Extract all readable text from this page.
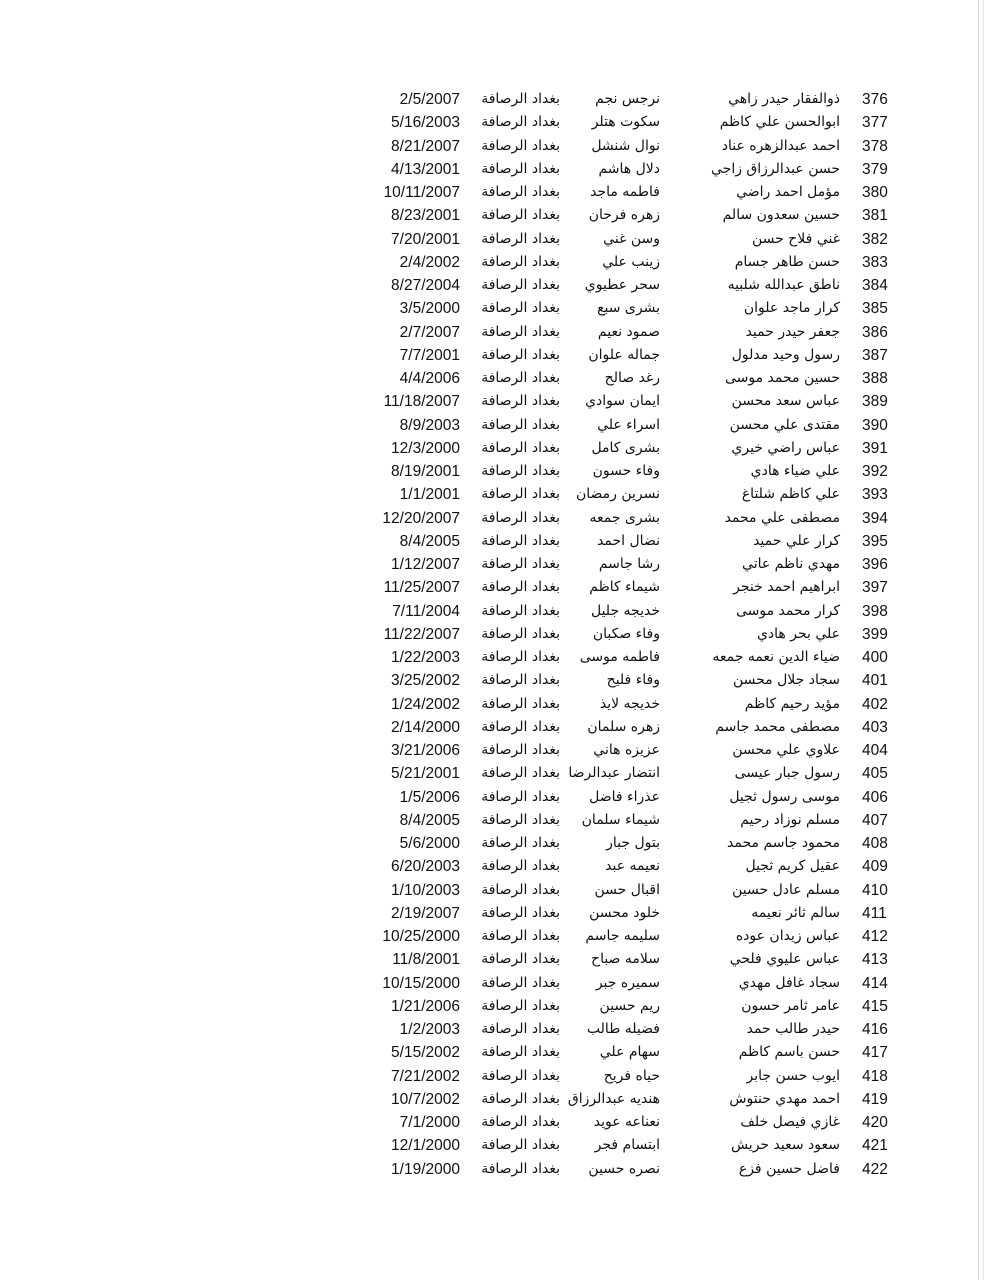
376
ذوالفقار حيدر زاهي
نرجس نجم
بغداد الرصافة
2/5/2007
377
ابوالحسن علي كاظم
سكوت هتلر
بغداد الرصافة
5/16/2003
378
احمد عبدالزهره عناد
نوال شنشل
بغداد الرصافة
8/21/2007
379
حسن عبدالرزاق زاجي
دلال هاشم
بغداد الرصافة
4/13/2001
380
مؤمل احمد راضي
فاطمه ماجد
بغداد الرصافة
10/11/2007
381
حسين سعدون سالم
زهره فرحان
بغداد الرصافة
8/23/2001
382
غني فلاح حسن
وسن غني
بغداد الرصافة
7/20/2001
383
حسن طاهر جسام
زينب علي
بغداد الرصافة
2/4/2002
384
ناطق عبدالله شلبيه
سحر عطيوي
بغداد الرصافة
8/27/2004
385
كرار ماجد علوان
بشرى سبع
بغداد الرصافة
3/5/2000
386
جعفر حيدر حميد
صمود نعيم
بغداد الرصافة
2/7/2007
387
رسول وحيد مدلول
جماله علوان
بغداد الرصافة
7/7/2001
388
حسين محمد موسى
رغد صالح
بغداد الرصافة
4/4/2006
389
عباس سعد محسن
ايمان سوادي
بغداد الرصافة
11/18/2007
390
مقتدى علي محسن
اسراء علي
بغداد الرصافة
8/9/2003
391
عباس راضي خيري
بشرى كامل
بغداد الرصافة
12/3/2000
392
علي ضياء هادي
وفاء حسون
بغداد الرصافة
8/19/2001
393
علي كاظم شلتاغ
نسرين رمضان
بغداد الرصافة
1/1/2001
394
مصطفى علي محمد
بشرى جمعه
بغداد الرصافة
12/20/2007
395
كرار علي حميد
نضال احمد
بغداد الرصافة
8/4/2005
396
مهدي ناظم عاتي
رشا جاسم
بغداد الرصافة
1/12/2007
397
ابراهيم احمد خنجر
شيماء كاظم
بغداد الرصافة
11/25/2007
398
كرار محمد موسى
خديجه جليل
بغداد الرصافة
7/11/2004
399
علي بحر هادي
وفاء صكبان
بغداد الرصافة
11/22/2007
400
ضياء الدين نعمه جمعه
فاطمه موسى
بغداد الرصافة
1/22/2003
401
سجاد جلال محسن
وفاء فليح
بغداد الرصافة
3/25/2002
402
مؤيد رحيم كاظم
خديجه لايذ
بغداد الرصافة
1/24/2002
403
مصطفى محمد جاسم
زهره سلمان
بغداد الرصافة
2/14/2000
404
علاوي علي محسن
عزيزه هاني
بغداد الرصافة
3/21/2006
405
رسول جبار عيسى
انتضار عبدالرضا
بغداد الرصافة
5/21/2001
406
موسى رسول ثجيل
عذراء فاضل
بغداد الرصافة
1/5/2006
407
مسلم نوزاد رحيم
شيماء سلمان
بغداد الرصافة
8/4/2005
408
محمود جاسم محمد
بتول جبار
بغداد الرصافة
5/6/2000
409
عقيل كريم ثجيل
نعيمه عبد
بغداد الرصافة
6/20/2003
410
مسلم عادل حسين
اقبال حسن
بغداد الرصافة
1/10/2003
411
سالم ثائر نعيمه
خلود محسن
بغداد الرصافة
2/19/2007
412
عباس زيدان عوده
سليمه جاسم
بغداد الرصافة
10/25/2000
413
عباس عليوي فلحي
سلامه صباح
بغداد الرصافة
11/8/2001
414
سجاد غافل مهدي
سميره جبر
بغداد الرصافة
10/15/2000
415
عامر ثامر حسون
ريم حسين
بغداد الرصافة
1/21/2006
416
حيدر طالب حمد
فضيله طالب
بغداد الرصافة
1/2/2003
417
حسن باسم كاظم
سهام علي
بغداد الرصافة
5/15/2002
418
ايوب حسن جابر
حياه فريح
بغداد الرصافة
7/21/2002
419
احمد مهدي حنتوش
هنديه عبدالرزاق
بغداد الرصافة
10/7/2002
420
غازي فيصل خلف
نعناعه عويد
بغداد الرصافة
7/1/2000
421
سعود سعيد حريش
ابتسام فجر
بغداد الرصافة
12/1/2000
422
فاضل حسين فزع
نصره حسين
بغداد الرصافة
1/19/2000
